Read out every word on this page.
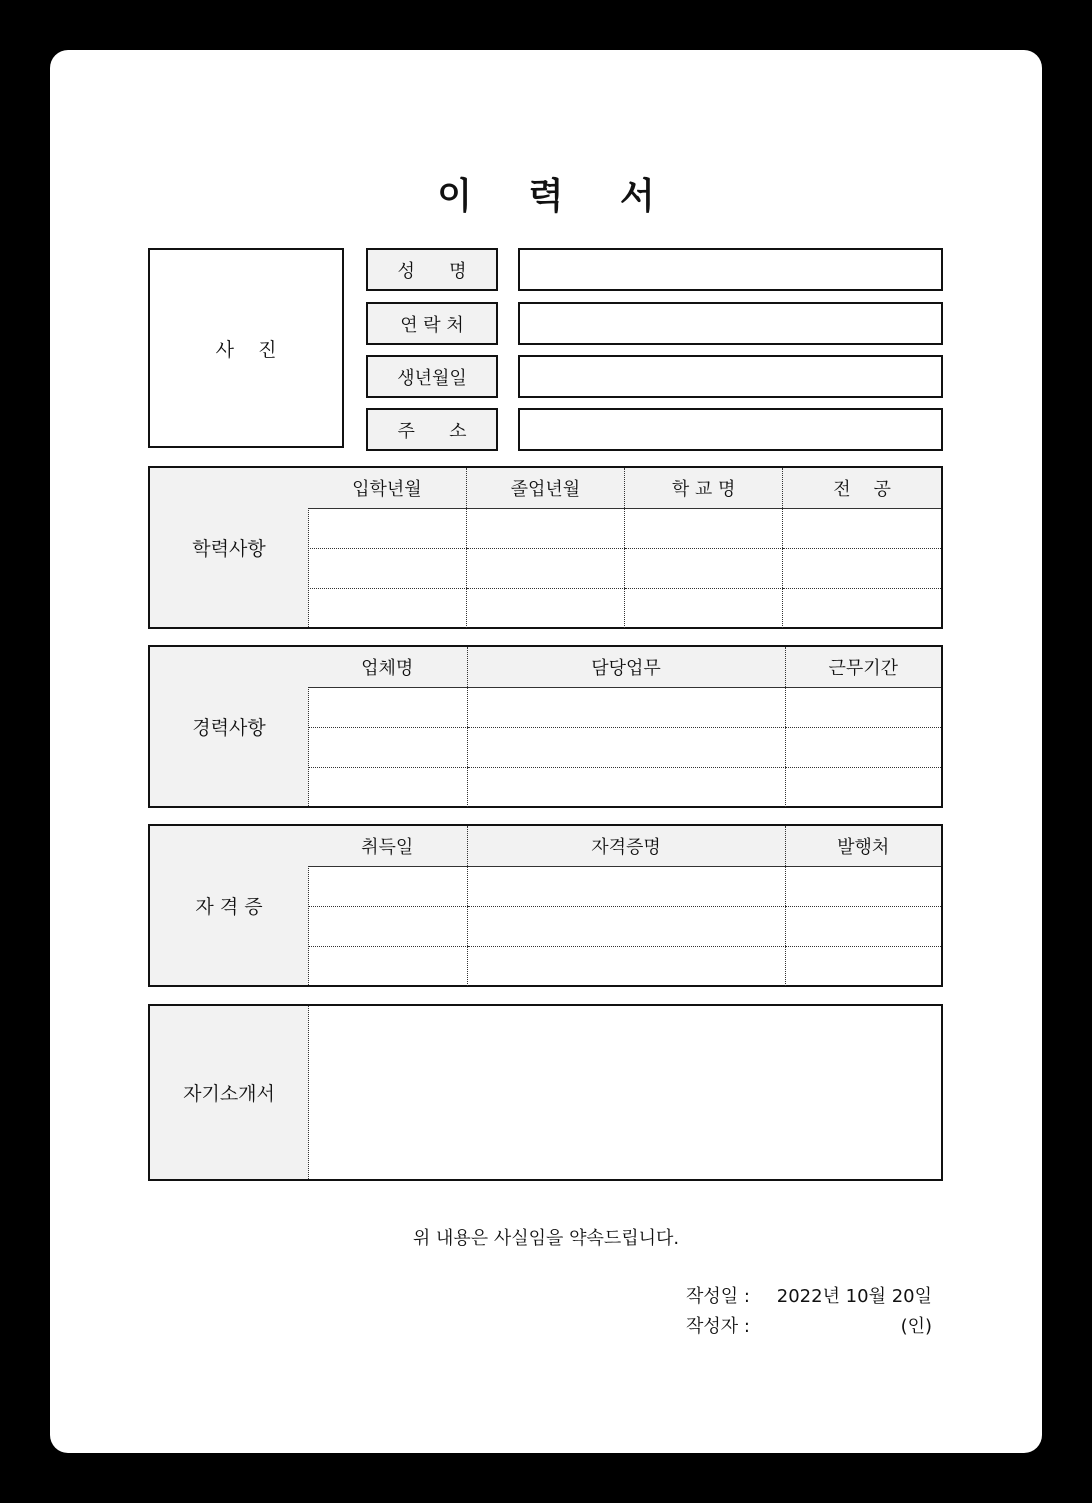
이 력 서
사    진
성      명
연 락 처
생년월일
주      소
학력사항
입학년월	졸업년월	학 교 명	전    공

경력사항
업체명	담당업무	근무기간

자 격 증
취득일	자격증명	발행처

자기소개서
위 내용은 사실임을 약속드립니다.
작성일 : 2022년 10월 20일
작성자 :	(인)
